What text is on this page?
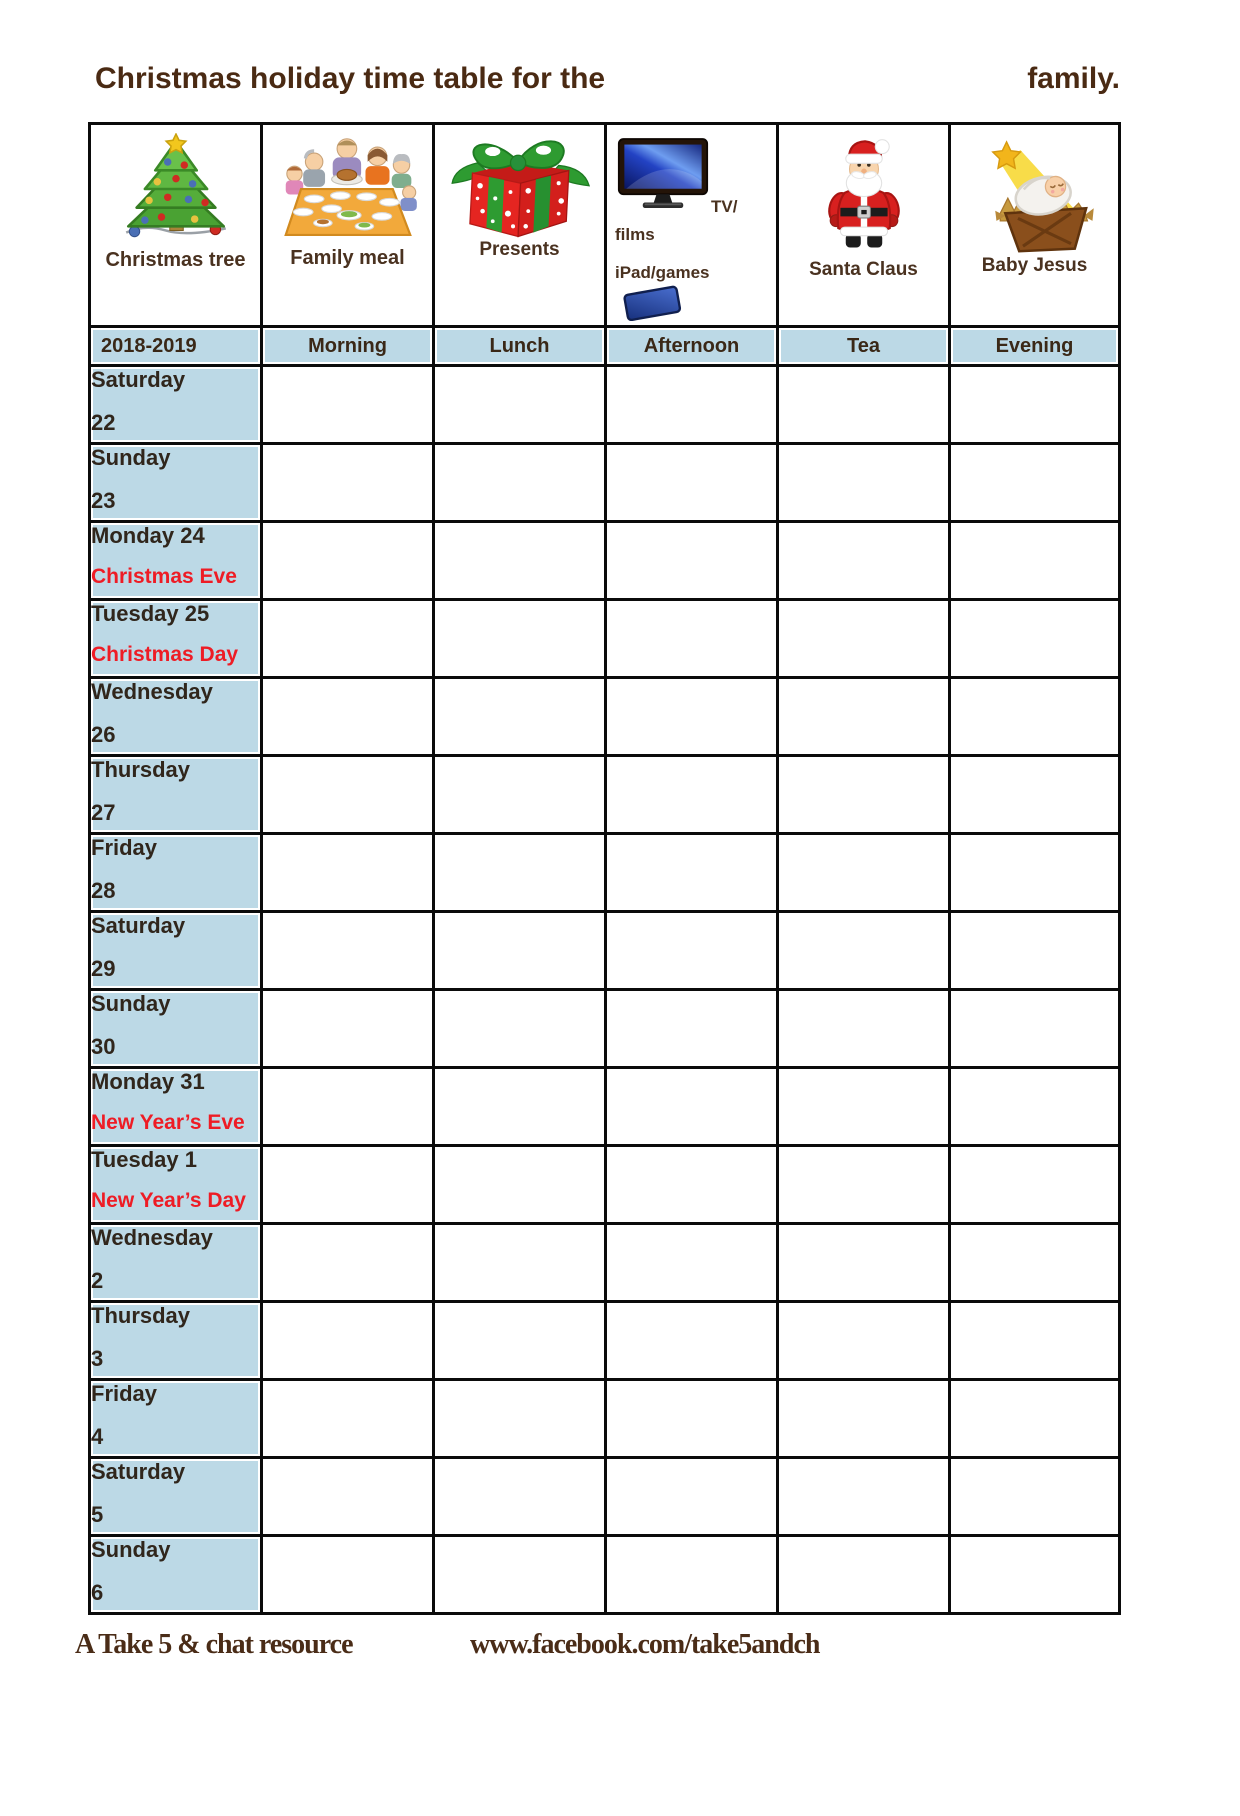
Christmas holiday time table for the	family.
Christmas tree	Family meal	Presents	TV/
films
iPad/games	Santa Claus	Baby Jesus

2018-2019	Morning	Lunch	Afternoon	Tea	Evening

Saturday
22					

Sunday
23					

Monday 24
Christmas Eve					

Tuesday 25
Christmas Day					

Wednesday
26					

Thursday
27					

Friday
28					

Saturday
29					

Sunday
30					

Monday 31
New Year’s Eve					

Tuesday 1
New Year’s Day					

Wednesday
2					

Thursday
3					

Friday
4					

Saturday
5					

Sunday
6					

A Take 5 & chat resource	www.facebook.com/take5andch
